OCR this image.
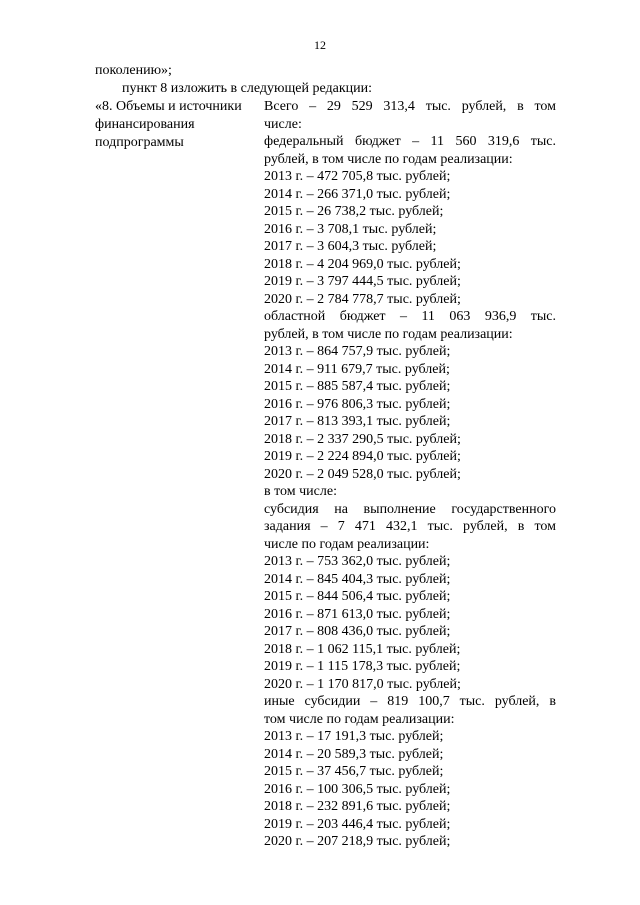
12
поколению»;
пункт 8 изложить в следующей редакции:
«8. Объемы и источники
финансирования
подпрограммы
Всего – 29 529 313,4 тыс. рублей, в том
числе:
федеральный бюджет – 11 560 319,6 тыс.
рублей, в том числе по годам реализации:
2013 г. – 472 705,8 тыс. рублей;
2014 г. – 266 371,0 тыс. рублей;
2015 г. – 26 738,2 тыс. рублей;
2016 г. – 3 708,1 тыс. рублей;
2017 г. – 3 604,3 тыс. рублей;
2018 г. – 4 204 969,0 тыс. рублей;
2019 г. – 3 797 444,5 тыс. рублей;
2020 г. – 2 784 778,7 тыс. рублей;
областной бюджет – 11 063 936,9 тыс.
рублей, в том числе по годам реализации:
2013 г. – 864 757,9 тыс. рублей;
2014 г. – 911 679,7 тыс. рублей;
2015 г. – 885 587,4 тыс. рублей;
2016 г. – 976 806,3 тыс. рублей;
2017 г. – 813 393,1 тыс. рублей;
2018 г. – 2 337 290,5 тыс. рублей;
2019 г. – 2 224 894,0 тыс. рублей;
2020 г. – 2 049 528,0 тыс. рублей;
в том числе:
субсидия на выполнение государственного
задания – 7 471 432,1 тыс. рублей, в том
числе по годам реализации:
2013 г. – 753 362,0 тыс. рублей;
2014 г. – 845 404,3 тыс. рублей;
2015 г. – 844 506,4 тыс. рублей;
2016 г. – 871 613,0 тыс. рублей;
2017 г. – 808 436,0 тыс. рублей;
2018 г. – 1 062 115,1 тыс. рублей;
2019 г. – 1 115 178,3 тыс. рублей;
2020 г. – 1 170 817,0 тыс. рублей;
иные субсидии – 819 100,7 тыс. рублей, в
том числе по годам реализации:
2013 г. – 17 191,3 тыс. рублей;
2014 г. – 20 589,3 тыс. рублей;
2015 г. – 37 456,7 тыс. рублей;
2016 г. – 100 306,5 тыс. рублей;
2018 г. – 232 891,6 тыс. рублей;
2019 г. – 203 446,4 тыс. рублей;
2020 г. – 207 218,9 тыс. рублей;
